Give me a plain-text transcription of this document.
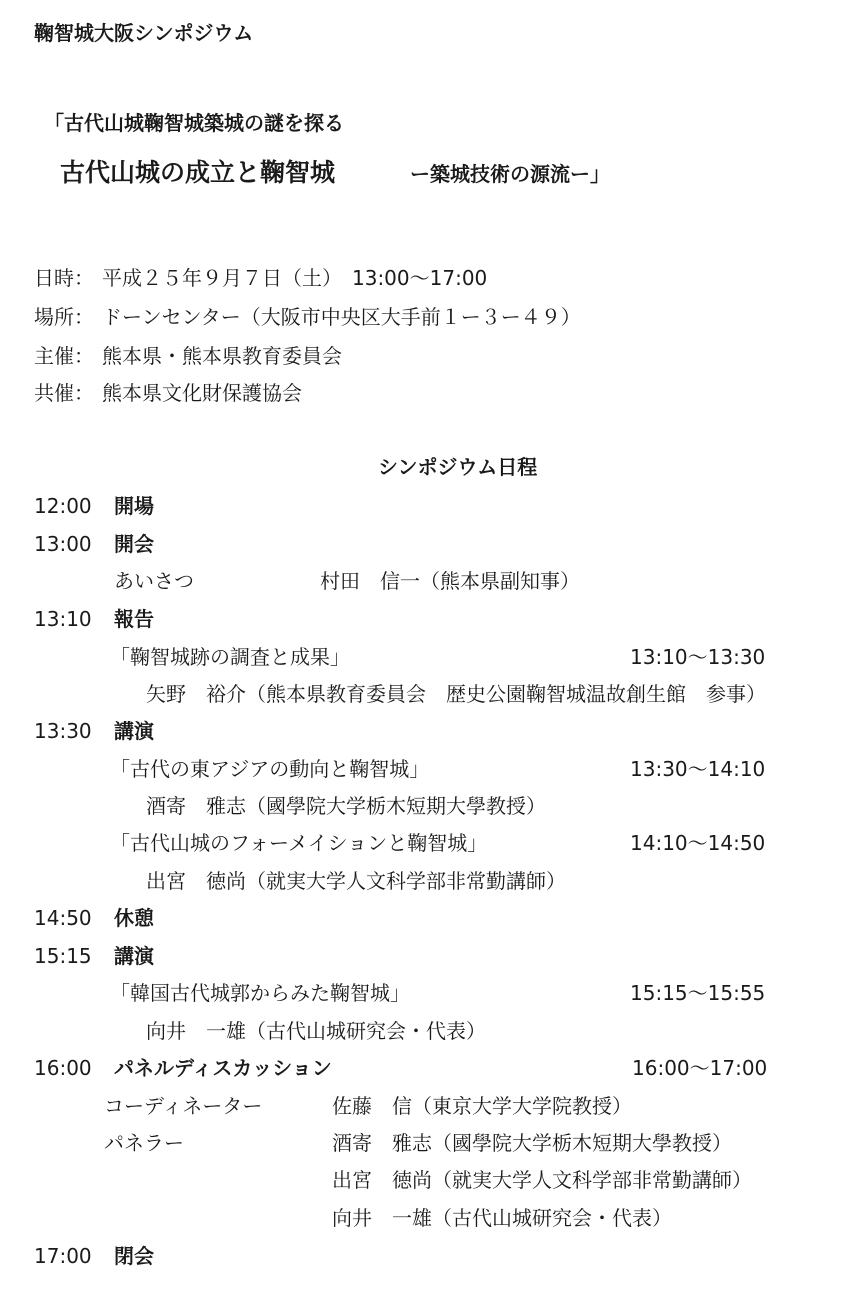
鞠智城大阪シンポジウム
「古代山城鞠智城築城の謎を探る
古代山城の成立と鞠智城	ー築城技術の源流ー」
日時： 平成２５年９月７日（土）　13:00〜17:00
場所： ドーンセンター（大阪市中央区大手前１ー３ー４９）
主催： 熊本県・熊本県教育委員会
共催： 熊本県文化財保護協会
シンポジウム日程
12:00 開場
13:00 開会
あいさつ	村田　信一（熊本県副知事）
13:10 報告
「鞠智城跡の調査と成果」	13:10〜13:30
矢野　裕介（熊本県教育委員会　歴史公園鞠智城温故創生館　参事）
13:30 講演
「古代の東アジアの動向と鞠智城」	13:30〜14:10
酒寄　雅志（國學院大学栃木短期大學教授）
「古代山城のフォーメイションと鞠智城」	14:10〜14:50
出宮　徳尚（就実大学人文科学部非常勤講師）
14:50 休憩
15:15 講演
「韓国古代城郭からみた鞠智城」	15:15〜15:55
向井　一雄（古代山城研究会・代表）
16:00 パネルディスカッション	16:00〜17:00
コーディネーター	佐藤　信（東京大学大学院教授）
パネラー	酒寄　雅志（國學院大学栃木短期大學教授）
出宮　徳尚（就実大学人文科学部非常勤講師）
向井　一雄（古代山城研究会・代表）
17:00 閉会
